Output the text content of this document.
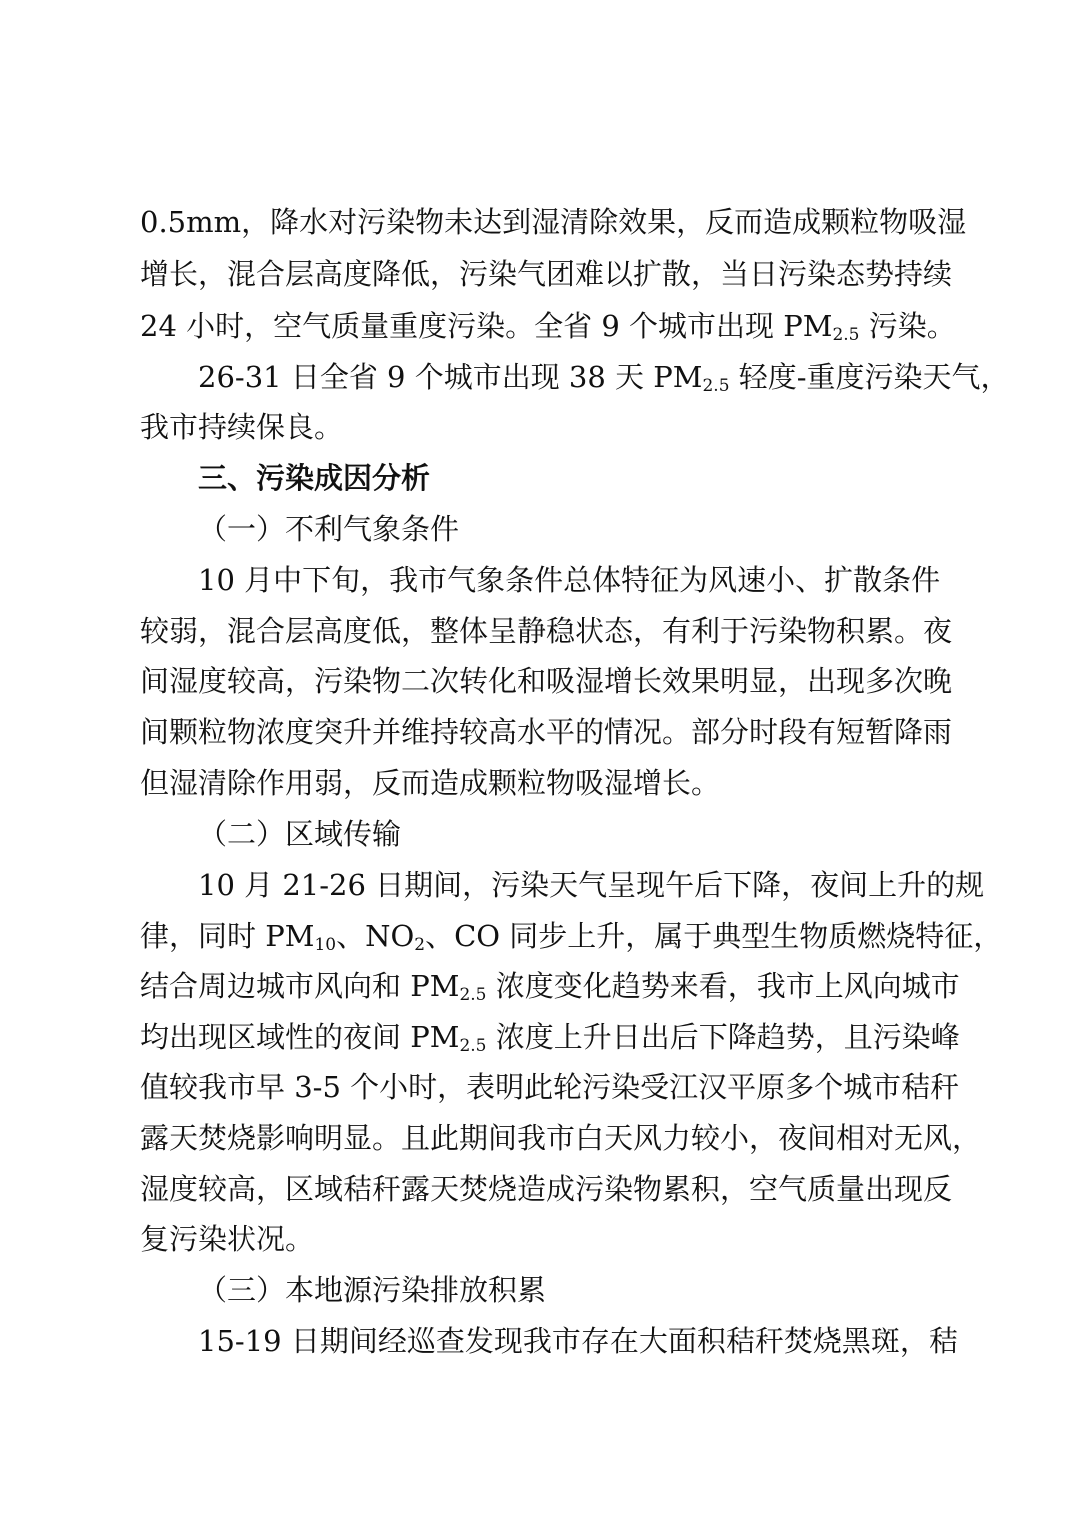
0.5mm，降水对污染物未达到湿清除效果，反而造成颗粒物吸湿

增长，混合层高度降低，污染气团难以扩散，当日污染态势持续

24 小时，空气质量重度污染。全省 9 个城市出现 $PM_{2.5}$ 污染。

26-31 日全省 9 个城市出现 38 天 $PM_{2.5}$ 轻度-重度污染天气，

我市持续保良。

三、污染成因分析

（一）不利气象条件

10 月中下旬，我市气象条件总体特征为风速小、扩散条件

较弱，混合层高度低，整体呈静稳状态，有利于污染物积累。夜

间湿度较高，污染物二次转化和吸湿增长效果明显，出现多次晚

间颗粒物浓度突升并维持较高水平的情况。部分时段有短暂降雨

但湿清除作用弱，反而造成颗粒物吸湿增长。

（二）区域传输

10 月 21-26 日期间，污染天气呈现午后下降，夜间上升的规

律，同时 $PM_{10}$、$NO_2$、CO 同步上升，属于典型生物质燃烧特征，

结合周边城市风向和 $PM_{2.5}$ 浓度变化趋势来看，我市上风向城市

均出现区域性的夜间 $PM_{2.5}$ 浓度上升日出后下降趋势，且污染峰

值较我市早 3-5 个小时，表明此轮污染受江汉平原多个城市秸秆

露天焚烧影响明显。且此期间我市白天风力较小，夜间相对无风，

湿度较高，区域秸秆露天焚烧造成污染物累积，空气质量出现反

复污染状况。

（三）本地源污染排放积累

15-19 日期间经巡查发现我市存在大面积秸秆焚烧黑斑，秸
